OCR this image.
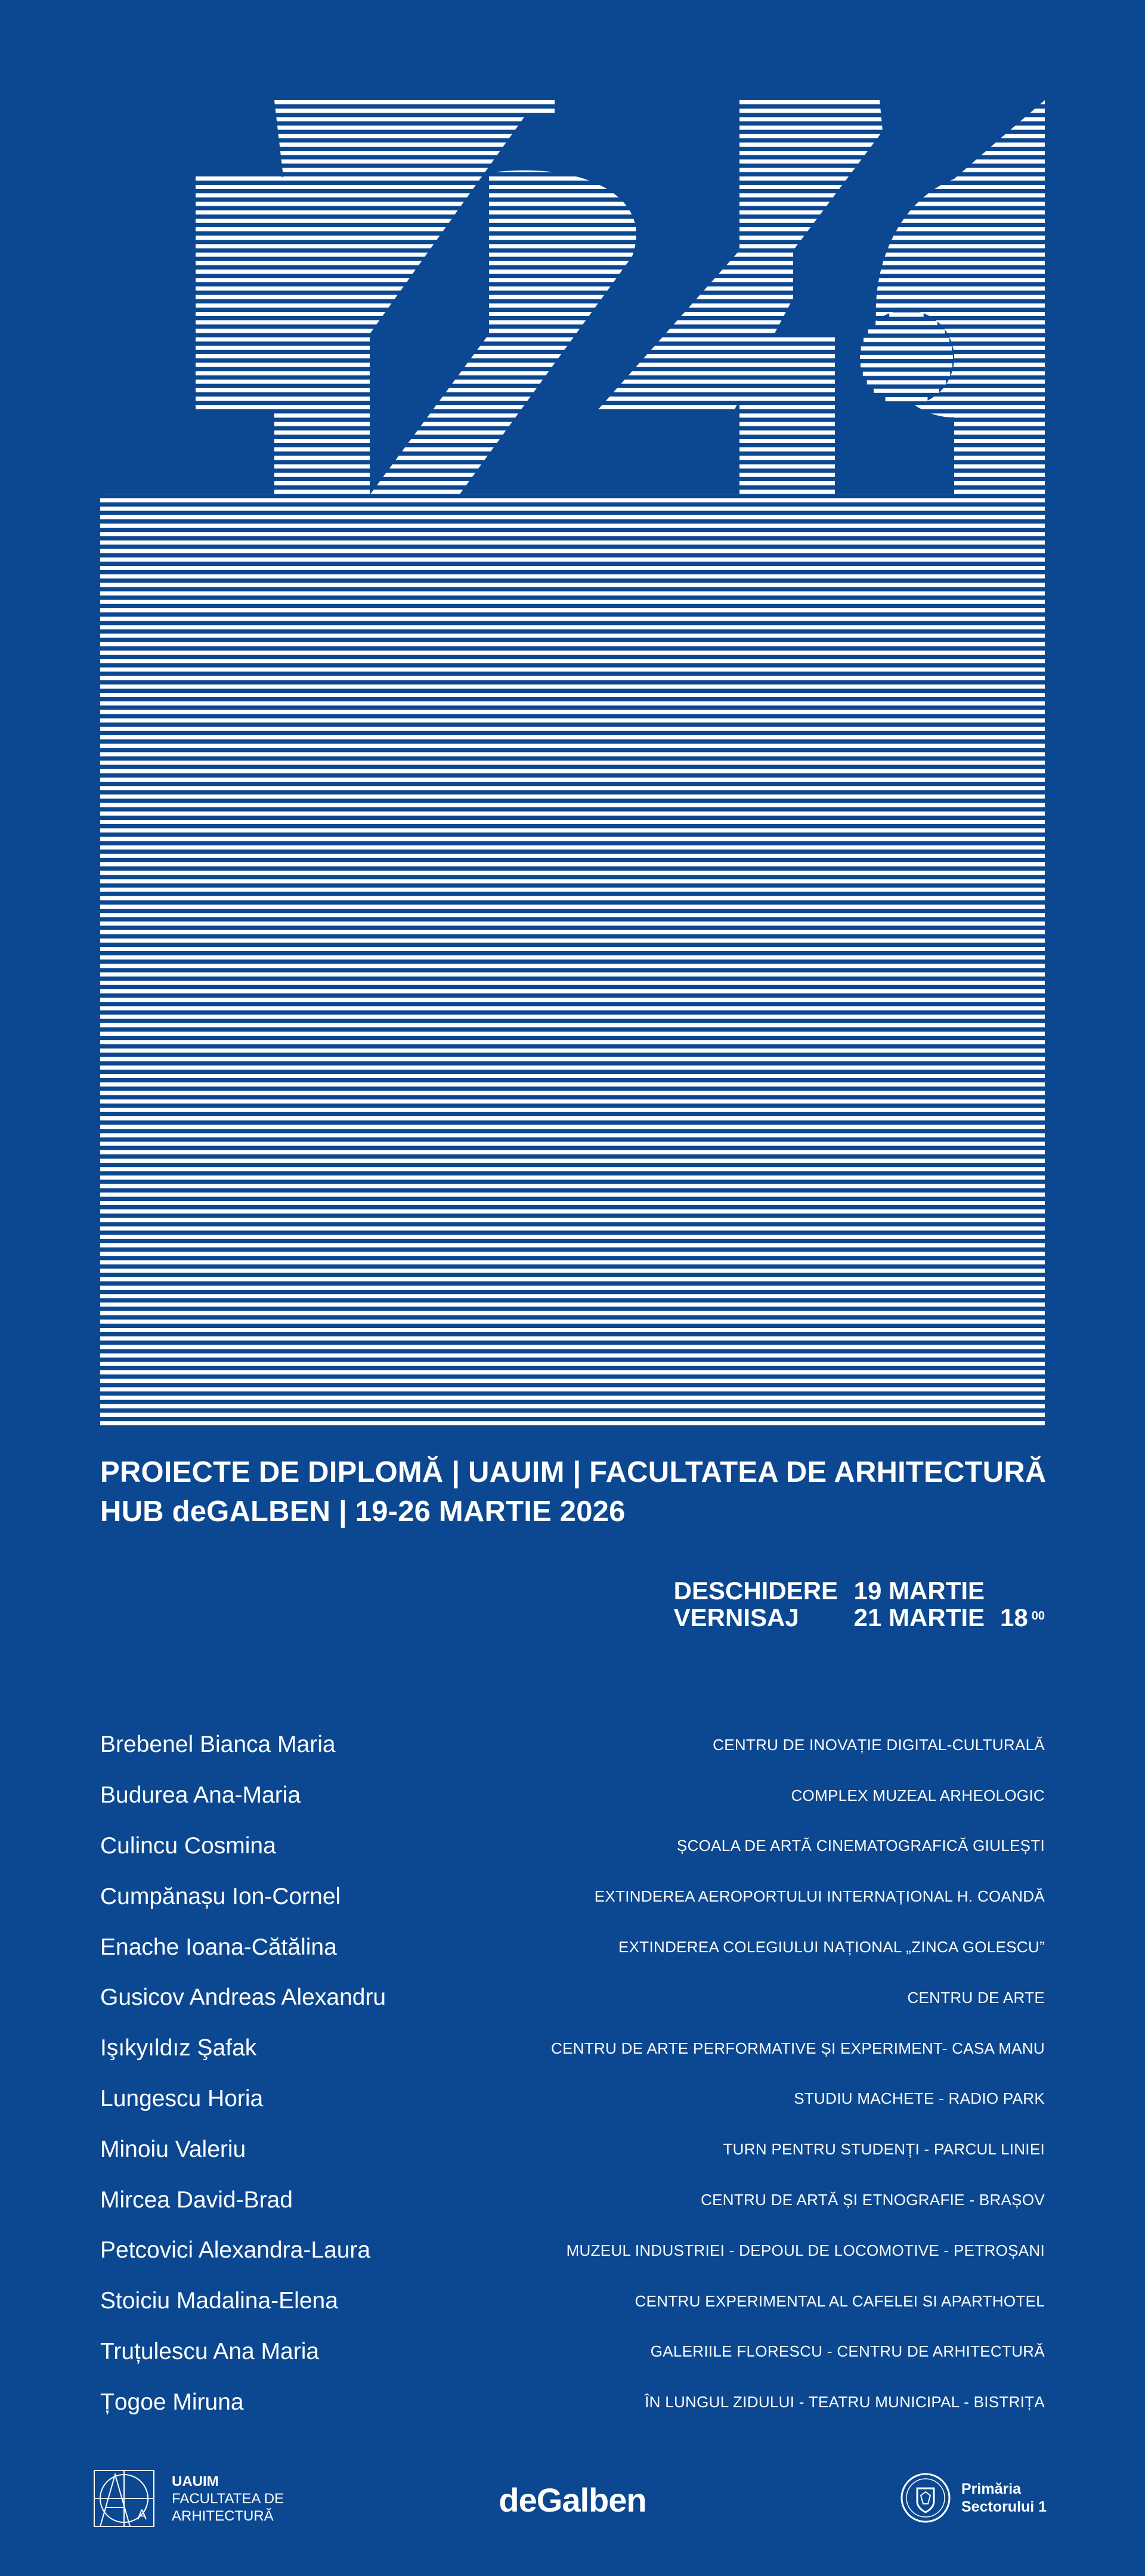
PROIECTE DE DIPLOMĂ | UAUIM | FACULTATEA DE ARHITECTURĂ
HUB deGALBEN | 19-26 MARTIE 2026
DESCHIDERE 19 MARTIE
VERNISAJ	21 MARTIE 18 $^{00}$
Brebenel Bianca Maria	CENTRU DE INOVAȚIE DIGITAL-CULTURALĂ
Budurea Ana-Maria	COMPLEX MUZEAL ARHEOLOGIC
Culincu Cosmina	ȘCOALA DE ARTĂ CINEMATOGRAFICĂ GIULEȘTI
Cumpănașu Ion-Cornel	EXTINDEREA AEROPORTULUI INTERNAȚIONAL H. COANDĂ
Enache Ioana-Cătălina	EXTINDEREA COLEGIULUI NAȚIONAL „ZINCA GOLESCU”
Gusicov Andreas Alexandru	CENTRU DE ARTE
Işıkyıldız Şafak	CENTRU DE ARTE PERFORMATIVE ȘI EXPERIMENT- CASA MANU
Lungescu Horia	STUDIU MACHETE - RADIO PARK
Minoiu Valeriu	TURN PENTRU STUDENȚI - PARCUL LINIEI
Mircea David-Brad	CENTRU DE ARTĂ ȘI ETNOGRAFIE - BRAȘOV
Petcovici Alexandra-Laura	MUZEUL INDUSTRIEI - DEPOUL DE LOCOMOTIVE - PETROȘANI
Stoiciu Madalina-Elena	CENTRU EXPERIMENTAL AL CAFELEI SI APARTHOTEL
Truțulescu Ana Maria	GALERIILE FLORESCU - CENTRU DE ARHITECTURĂ
Țogoe Miruna	ÎN LUNGUL ZIDULUI - TEATRU MUNICIPAL - BISTRIȚA
A
UAUIM
FACULTATEA DE
ARHITECTURĂ	deGalben	Primăria
Sectorului 1
